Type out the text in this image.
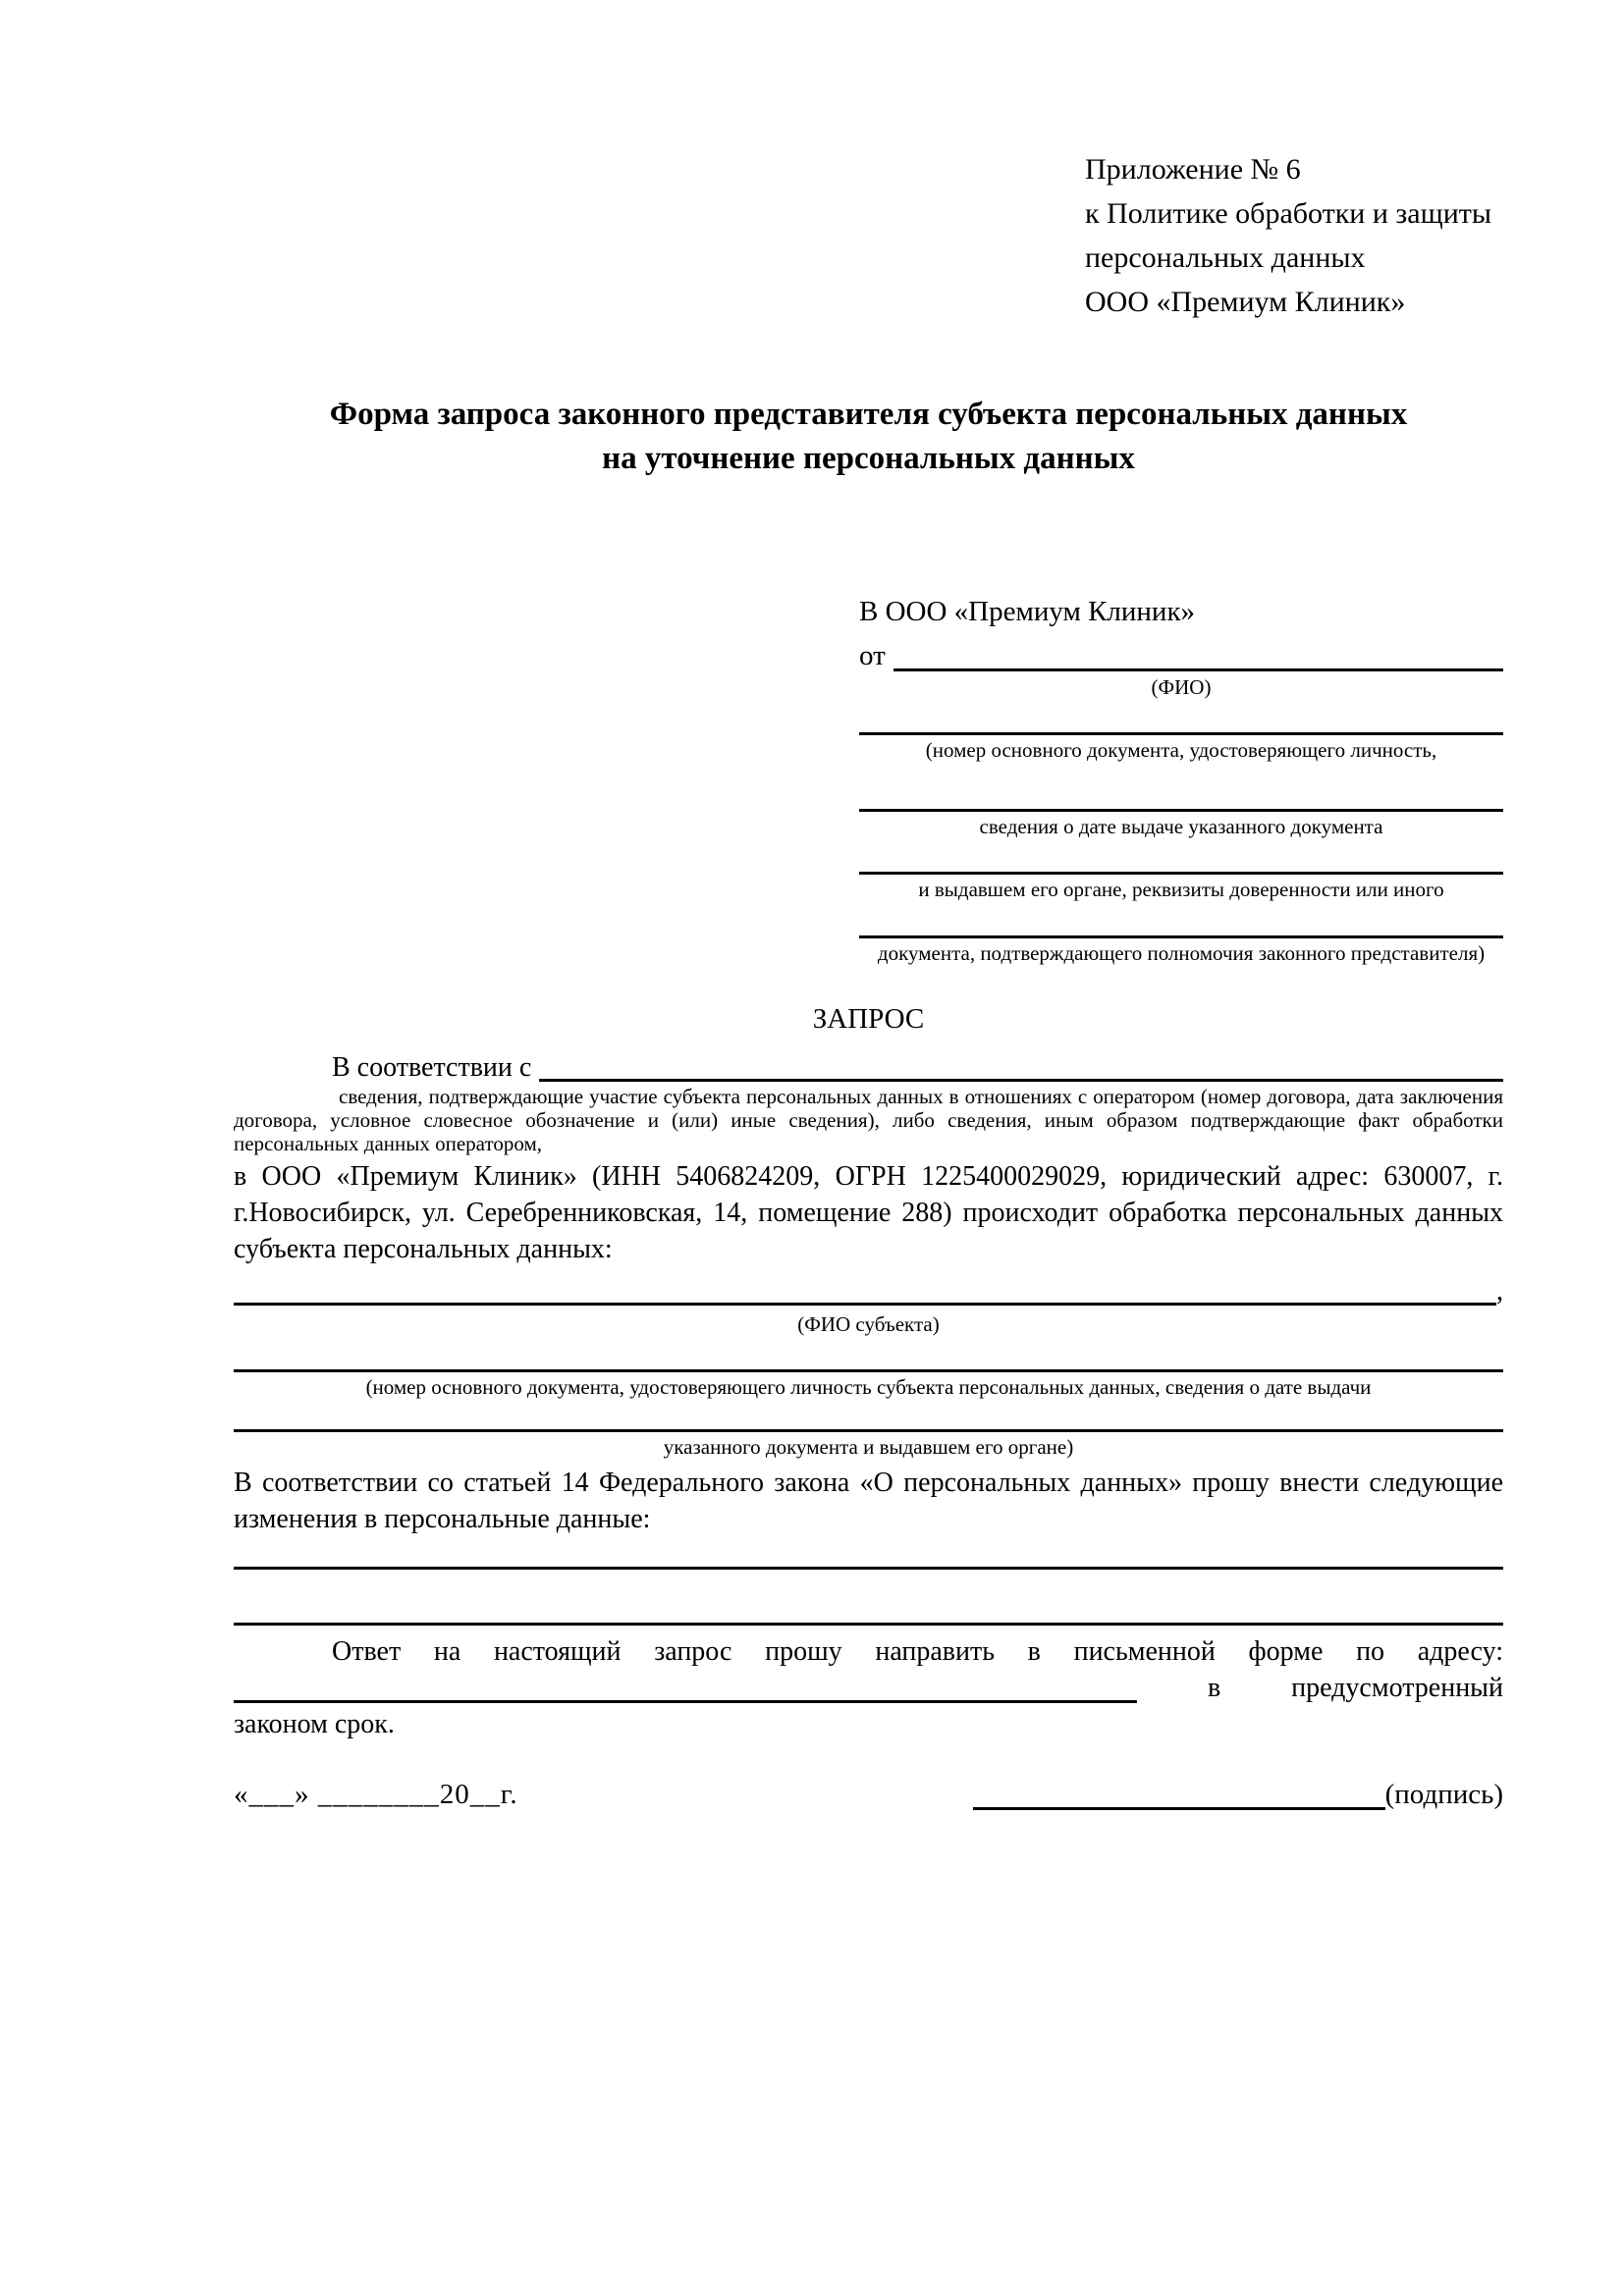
Приложение № 6
к Политике обработки и защиты
персональных данных
ООО «Премиум Клиник»
Форма запроса законного представителя субъекта персональных данных
на уточнение персональных данных
В ООО «Премиум Клиник»
от
(ФИО)
(номер основного документа, удостоверяющего личность,
сведения о дате выдаче указанного документа
и выдавшем его органе, реквизиты доверенности или иного
документа, подтверждающего полномочия законного представителя)
ЗАПРОС
В соответствии с
сведения, подтверждающие участие субъекта персональных данных в отношениях с оператором (номер договора, дата заключения договора, условное словесное обозначение и (или) иные сведения), либо сведения, иным образом подтверждающие факт обработки персональных данных оператором,

в ООО «Премиум Клиник» (ИНН 5406824209, ОГРН 1225400029029, юридический адрес: 630007, г. г.Новосибирск, ул. Серебренниковская, 14, помещение 288) происходит обработка персональных данных субъекта персональных данных:

,
(ФИО субъекта)
(номер основного документа, удостоверяющего личность субъекта персональных данных, сведения о дате выдачи
указанного документа и выдавшем его органе)

В соответствии со статьей 14 Федерального закона «О персональных данных» прошу внести следующие изменения в персональные данные:

Ответ на настоящий запрос прошу направить в письменной форме по адресу:
в	предусмотренный
законом срок.
«___» ________20__г.	(подпись)
